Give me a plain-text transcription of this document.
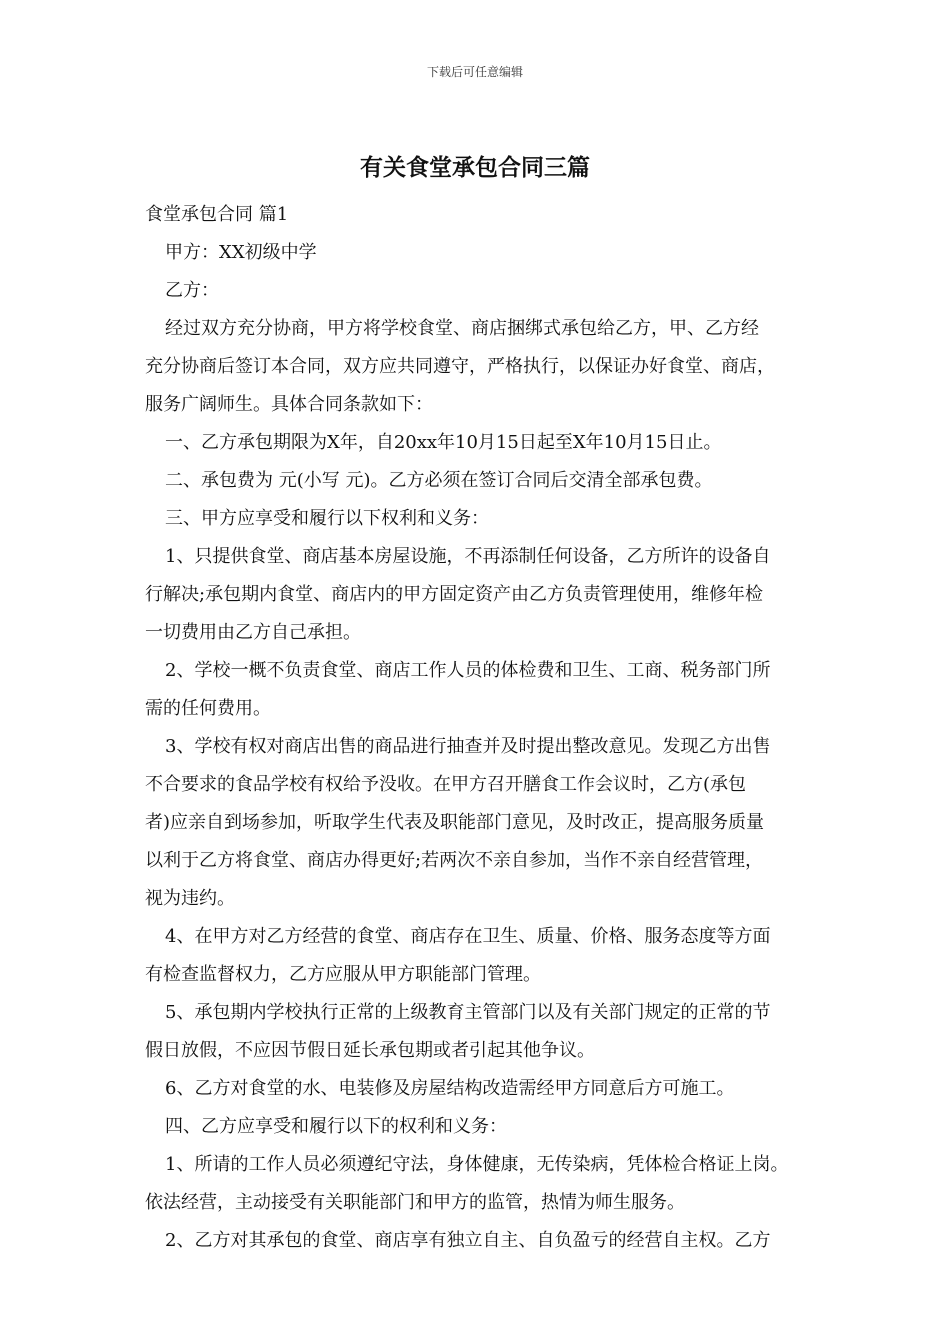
下载后可任意编辑
有关食堂承包合同三篇
食堂承包合同 篇1
甲方：XX初级中学
乙方：
经过双方充分协商，甲方将学校食堂、商店捆绑式承包给乙方，甲、乙方经
充分协商后签订本合同，双方应共同遵守，严格执行，以保证办好食堂、商店，
服务广阔师生。具体合同条款如下：
一、乙方承包期限为X年，自20xx年10月15日起至X年10月15日止。
二、承包费为 元(小写 元)。乙方必须在签订合同后交清全部承包费。
三、甲方应享受和履行以下权利和义务：
1、只提供食堂、商店基本房屋设施，不再添制任何设备，乙方所许的设备自
行解决;承包期内食堂、商店内的甲方固定资产由乙方负责管理使用，维修年检
一切费用由乙方自己承担。
2、学校一概不负责食堂、商店工作人员的体检费和卫生、工商、税务部门所
需的任何费用。
3、学校有权对商店出售的商品进行抽查并及时提出整改意见。发现乙方出售
不合要求的食品学校有权给予没收。在甲方召开膳食工作会议时，乙方(承包
者)应亲自到场参加，听取学生代表及职能部门意见，及时改正，提高服务质量
以利于乙方将食堂、商店办得更好;若两次不亲自参加，当作不亲自经营管理，
视为违约。
4、在甲方对乙方经营的食堂、商店存在卫生、质量、价格、服务态度等方面
有检查监督权力，乙方应服从甲方职能部门管理。
5、承包期内学校执行正常的上级教育主管部门以及有关部门规定的正常的节
假日放假，不应因节假日延长承包期或者引起其他争议。
6、乙方对食堂的水、电装修及房屋结构改造需经甲方同意后方可施工。
四、乙方应享受和履行以下的权利和义务：
1、所请的工作人员必须遵纪守法，身体健康，无传染病，凭体检合格证上岗。
依法经营，主动接受有关职能部门和甲方的监管，热情为师生服务。
2、乙方对其承包的食堂、商店享有独立自主、自负盈亏的经营自主权。乙方
